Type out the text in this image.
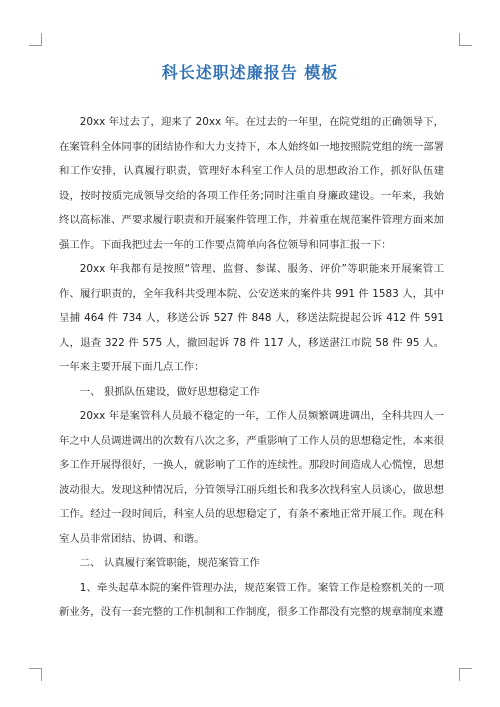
科长述职述廉报告 模板

20xx 年过去了，迎来了 20xx 年。在过去的一年里，在院党组的正确领导下，在案管科全体同事的团结协作和大力支持下，本人始终如一地按照院党组的统一部署和工作安排，认真履行职责，管理好本科室工作人员的思想政治工作，抓好队伍建设，按时按质完成领导交给的各项工作任务;同时注重自身廉政建设。一年来，我始终以高标准、严要求履行职责和开展案件管理工作，并着重在规范案件管理方面来加强工作。下面我把过去一年的工作要点简单向各位领导和同事汇报一下：

20xx 年我都有是按照“管理、监督、参谋、服务、评价”等职能来开展案管工作、履行职责的，全年我科共受理本院、公安送来的案件共 991 件 1583 人，其中呈捕 464 件 734 人，移送公诉 527 件 848 人，移送法院提起公诉 412 件 591 人，退查 322 件 575 人，撤回起诉 78 件 117 人，移送湛江市院 58 件 95 人。一年来主要开展下面几点工作：

一、 狠抓队伍建设，做好思想稳定工作

20xx 年是案管科人员最不稳定的一年，工作人员频繁调进调出，全科共四人一年之中人员调进调出的次数有八次之多，严重影响了工作人员的思想稳定性，本来很多工作开展得很好，一换人，就影响了工作的连续性。那段时间造成人心慌惶，思想波动很大。发现这种情况后，分管领导江丽兵组长和我多次找科室人员谈心，做思想工作。经过一段时间后，科室人员的思想稳定了，有条不紊地正常开展工作。现在科室人员非常团结、协调、和谐。

二、 认真履行案管职能，规范案管工作

1、牵头起草本院的案件管理办法，规范案管工作。案管工作是检察机关的一项新业务，没有一套完整的工作机制和工作制度，很多工作都没有完整的规章制度来遵
